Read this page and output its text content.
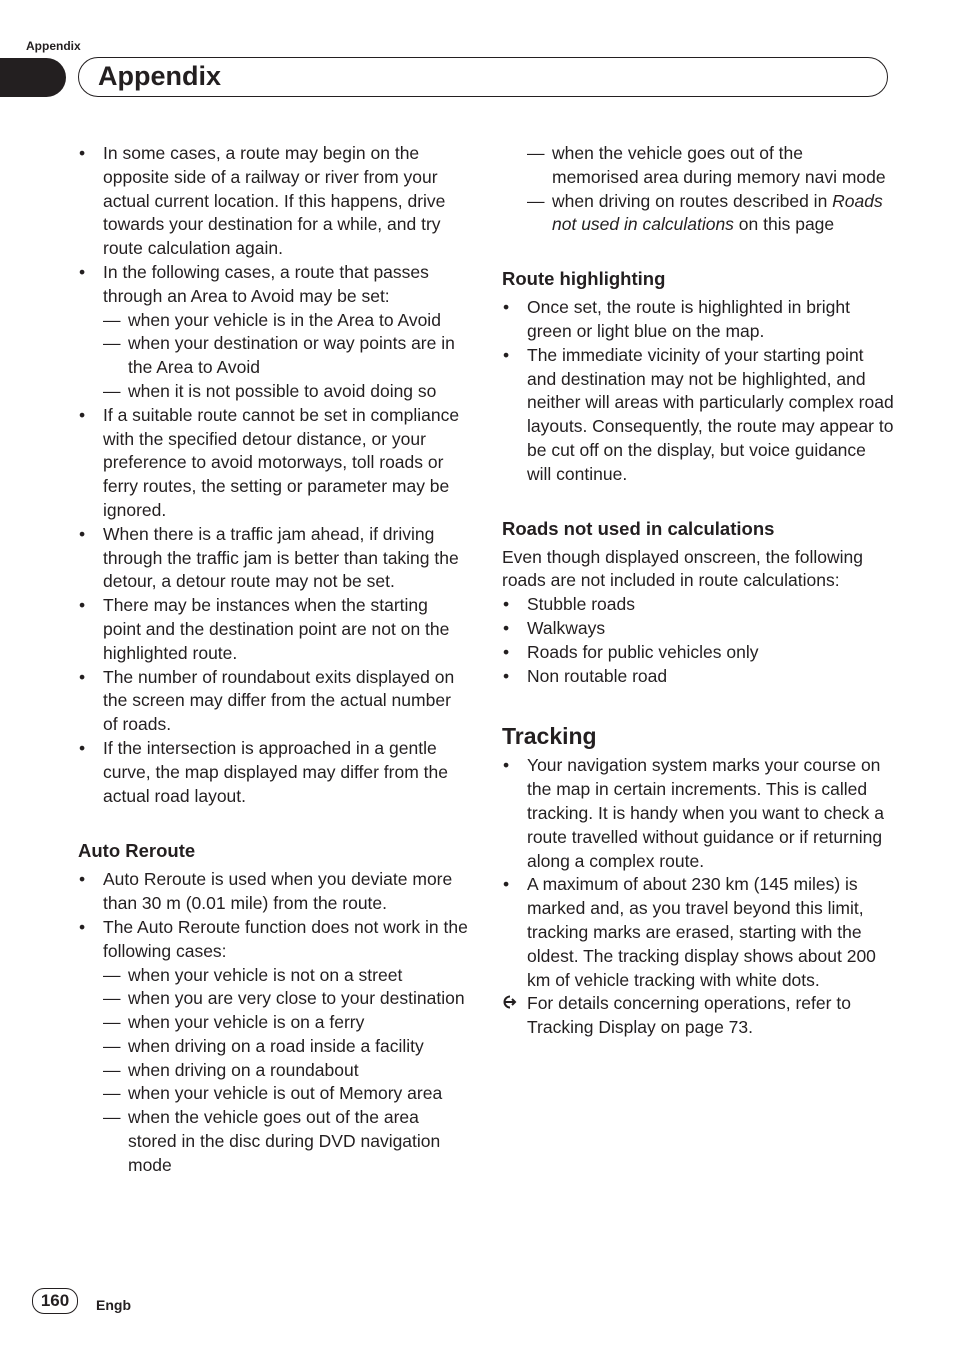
Appendix
Appendix
• In some cases, a route may begin on the opposite side of a railway or river from your actual current location. If this happens, drive towards your destination for a while, and try route calculation again.
• In the following cases, a route that passes through an Area to Avoid may be set:
— when your vehicle is in the Area to Avoid
— when your destination or way points are in the Area to Avoid
— when it is not possible to avoid doing so
• If a suitable route cannot be set in compliance with the specified detour distance, or your preference to avoid motorways, toll roads or ferry routes, the setting or parameter may be ignored.
• When there is a traffic jam ahead, if driving through the traffic jam is better than taking the detour, a detour route may not be set.
• There may be instances when the starting point and the destination point are not on the highlighted route.
• The number of roundabout exits displayed on the screen may differ from the actual number of roads.
• If the intersection is approached in a gentle curve, the map displayed may differ from the actual road layout.
Auto Reroute
• Auto Reroute is used when you deviate more than 30 m (0.01 mile) from the route.
• The Auto Reroute function does not work in the following cases:
— when your vehicle is not on a street
— when you are very close to your destination
— when your vehicle is on a ferry
— when driving on a road inside a facility
— when driving on a roundabout
— when your vehicle is out of Memory area
— when the vehicle goes out of the area stored in the disc during DVD navigation mode
— when the vehicle goes out of the memorised area during memory navi mode
— when driving on routes described in Roads not used in calculations on this page
Route highlighting
• Once set, the route is highlighted in bright green or light blue on the map.
• The immediate vicinity of your starting point and destination may not be highlighted, and neither will areas with particularly complex road layouts. Consequently, the route may appear to be cut off on the display, but voice guidance will continue.
Roads not used in calculations

Even though displayed onscreen, the following roads are not included in route calculations:

• Stubble roads
• Walkways
• Roads for public vehicles only
• Non routable road
Tracking
• Your navigation system marks your course on the map in certain increments. This is called tracking. It is handy when you want to check a route travelled without guidance or if returning along a complex route.
• A maximum of about 230 km (145 miles) is marked and, as you travel beyond this limit, tracking marks are erased, starting with the oldest. The tracking display shows about 200 km of vehicle tracking with white dots.

For details concerning operations, refer to Tracking Display on page 73.

160	Engb
